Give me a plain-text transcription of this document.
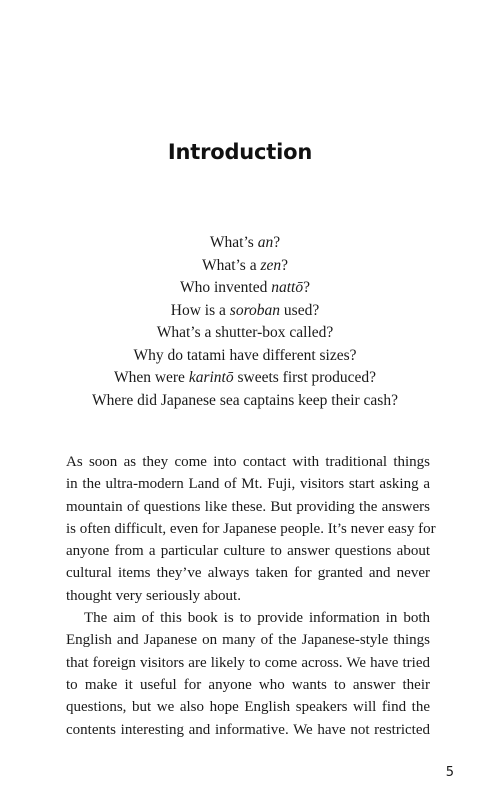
Introduction
What’s an?
What’s a zen?
Who invented nattō?
How is a soroban used?
What’s a shutter-box called?
Why do tatami have different sizes?
When were karintō sweets first produced?
Where did Japanese sea captains keep their cash?
As soon as they come into contact with traditional things
in the ultra-modern Land of Mt. Fuji, visitors start asking a
mountain of questions like these. But providing the answers
is often difficult, even for Japanese people. It’s never easy for
anyone from a particular culture to answer questions about
cultural items they’ve always taken for granted and never
thought very seriously about.
The aim of this book is to provide information in both
English and Japanese on many of the Japanese-style things
that foreign visitors are likely to come across. We have tried
to make it useful for anyone who wants to answer their
questions, but we also hope English speakers will find the
contents interesting and informative. We have not restricted
5
